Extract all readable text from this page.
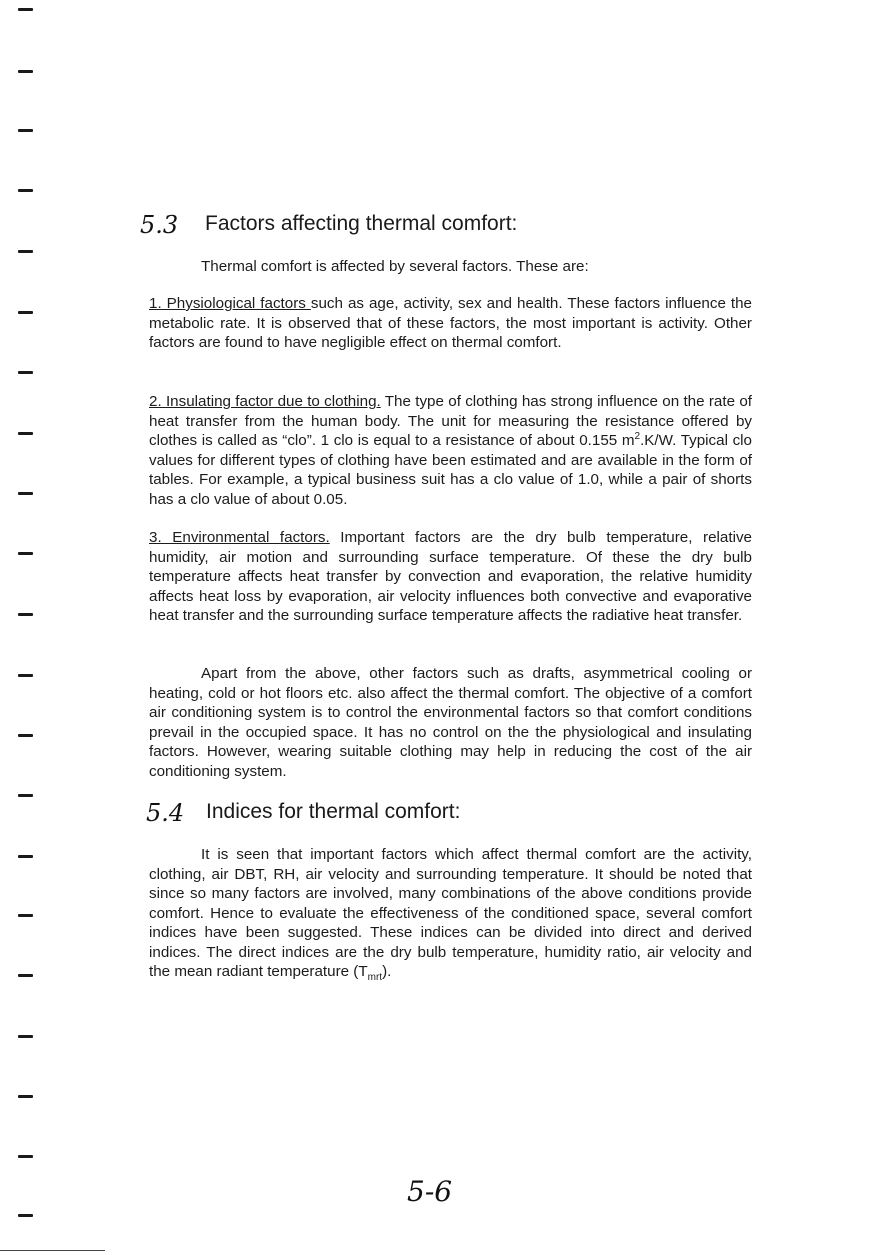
5.3 Factors affecting thermal comfort:
Thermal comfort is affected by several factors. These are:
1. Physiological factors such as age, activity, sex and health. These factors influence the metabolic rate. It is observed that of these factors, the most important is activity. Other factors are found to have negligible effect on thermal comfort.
2. Insulating factor due to clothing. The type of clothing has strong influence on the rate of heat transfer from the human body. The unit for measuring the resistance offered by clothes is called as “clo”. 1 clo is equal to a resistance of about 0.155 $m^2.K/W$. Typical clo values for different types of clothing have been estimated and are available in the form of tables. For example, a typical business suit has a clo value of 1.0, while a pair of shorts has a clo value of about 0.05.
3. Environmental factors. Important factors are the dry bulb temperature, relative humidity, air motion and surrounding surface temperature. Of these the dry bulb temperature affects heat transfer by convection and evaporation, the relative humidity affects heat loss by evaporation, air velocity influences both convective and evaporative heat transfer and the surrounding surface temperature affects the radiative heat transfer.
Apart from the above, other factors such as drafts, asymmetrical cooling or heating, cold or hot floors etc. also affect the thermal comfort. The objective of a comfort air conditioning system is to control the environmental factors so that comfort conditions prevail in the occupied space. It has no control on the the physiological and insulating factors. However, wearing suitable clothing may help in reducing the cost of the air conditioning system.
5.4 Indices for thermal comfort:
It is seen that important factors which affect thermal comfort are the activity, clothing, air DBT, RH, air velocity and surrounding temperature. It should be noted that since so many factors are involved, many combinations of the above conditions provide comfort. Hence to evaluate the effectiveness of the conditioned space, several comfort indices have been suggested. These indices can be divided into direct and derived indices. The direct indices are the dry bulb temperature, humidity ratio, air velocity and the mean radiant temperature $(T_{mrt})$.
5-6
